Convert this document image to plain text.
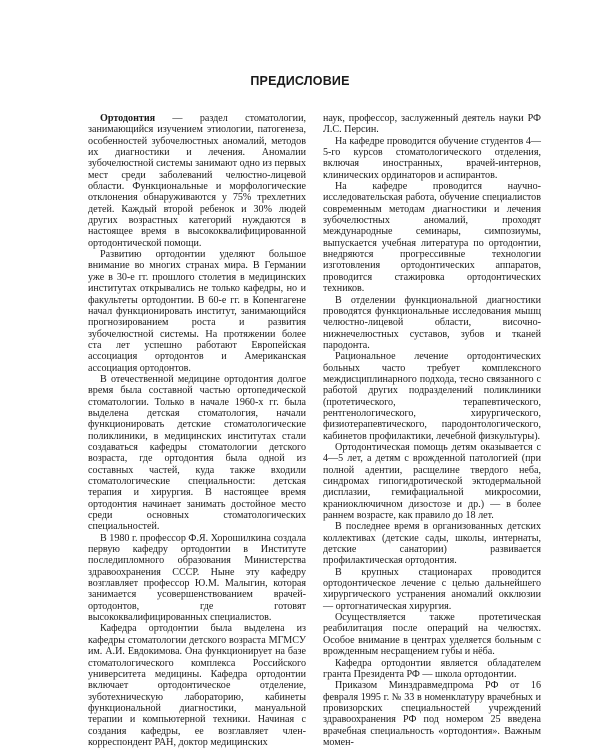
ПРЕДИСЛОВИЕ

Ортодонтия — раздел стоматологии, занимающийся изучением этиологии, патогенеза, особенностей зубочелюстных аномалий, методов их диагностики и лечения. Аномалии зубочелюстной системы занимают одно из первых мест среди заболеваний челюстно-лицевой области. Функциональные и морфологические отклонения обнаруживаются у 75% трехлетних детей. Каждый второй ребенок и 30% людей других возрастных категорий нуждаются в настоящее время в высококвалифицированной ортодонтической помощи.

Развитию ортодонтии уделяют большое внимание во многих странах мира. В Германии уже в 30-е гг. прошлого столетия в медицинских институтах открывались не только кафедры, но и факультеты ортодонтии. В 60-е гг. в Копенгагене начал функционировать институт, занимающийся прогнозированием роста и развития зубочелюстной системы. На протяжении более ста лет успешно работают Европейская ассоциация ортодонтов и Американская ассоциация ортодонтов.

В отечественной медицине ортодонтия долгое время была составной частью ортопедической стоматологии. Только в начале 1960-х гг. была выделена детская стоматология, начали функционировать детские стоматологические поликлиники, в медицинских институтах стали создаваться кафедры стоматологии детского возраста, где ортодонтия была одной из составных частей, куда также входили стоматологические специальности: детская терапия и хирургия. В настоящее время ортодонтия начинает занимать достойное место среди основных стоматологических специальностей.

В 1980 г. профессор Ф.Я. Хорошилкина создала первую кафедру ортодонтии в Институте последипломного образования Министерства здравоохранения СССР. Ныне эту кафедру возглавляет профессор Ю.М. Малыгин, которая занимается усовершенствованием врачей-ортодонтов, где готовят высококвалифицированных специалистов.

Кафедра ортодонтии была выделена из кафедры стоматологии детского возраста МГМСУ им. А.И. Евдокимова. Она функционирует на базе стоматологического комплекса Российского университета медицины. Кафедра ортодонтии включает ортодонтическое отделение, зуботехническую лабораторию, кабинеты функциональной диагностики, мануальной терапии и компьютерной техники. Начиная с создания кафедры, ее возглавляет член-корреспондент РАН, доктор медицинских

наук, профессор, заслуженный деятель науки РФ Л.С. Персин.

На кафедре проводится обучение студентов 4—5-го курсов стоматологического отделения, включая иностранных, врачей-интернов, клинических ординаторов и аспирантов.

На кафедре проводится научно-исследовательская работа, обучение специалистов современным методам диагностики и лечения зубочелюстных аномалий, проходят международные семинары, симпозиумы, выпускается учебная литература по ортодонтии, внедряются прогрессивные технологии изготовления ортодонтических аппаратов, проводится стажировка ортодонтических техников.

В отделении функциональной диагностики проводятся функциональные исследования мышц челюстно-лицевой области, височно-нижнечелюстных суставов, зубов и тканей пародонта.

Рациональное лечение ортодонтических больных часто требует комплексного междисциплинарного подхода, тесно связанного с работой других подразделений поликлиники (протетического, терапевтического, рентгенологического, хирургического, физиотерапевтического, пародонтологического, кабинетов профилактики, лечебной физкультуры).

Ортодонтическая помощь детям оказывается с 4—5 лет, а детям с врожденной патологией (при полной адентии, расщелине твердого неба, синдромах гипогидротической эктодермальной дисплазии, гемифациальной микросомии, краниоключичном дизостозе и др.) — в более раннем возрасте, как правило до 18 лет.

В последнее время в организованных детских коллективах (детские сады, школы, интернаты, детские санатории) развивается профилактическая ортодонтия.

В крупных стационарах проводится ортодонтическое лечение с целью дальнейшего хирургического устранения аномалий окклюзии — ортогнатическая хирургия.

Осуществляется также протетическая реабилитация после операций на челюстях. Особое внимание в центрах уделяется больным с врожденным несращением губы и нёба.

Кафедра ортодонтии является обладателем гранта Президента РФ — школа ортодонтии.

Приказом Минздравмедпрома РФ от 16 февраля 1995 г. № 33 в номенклатуру врачебных и провизорских специальностей учреждений здравоохранения РФ под номером 25 введена врачебная специальность «ортодонтия». Важным момен-
